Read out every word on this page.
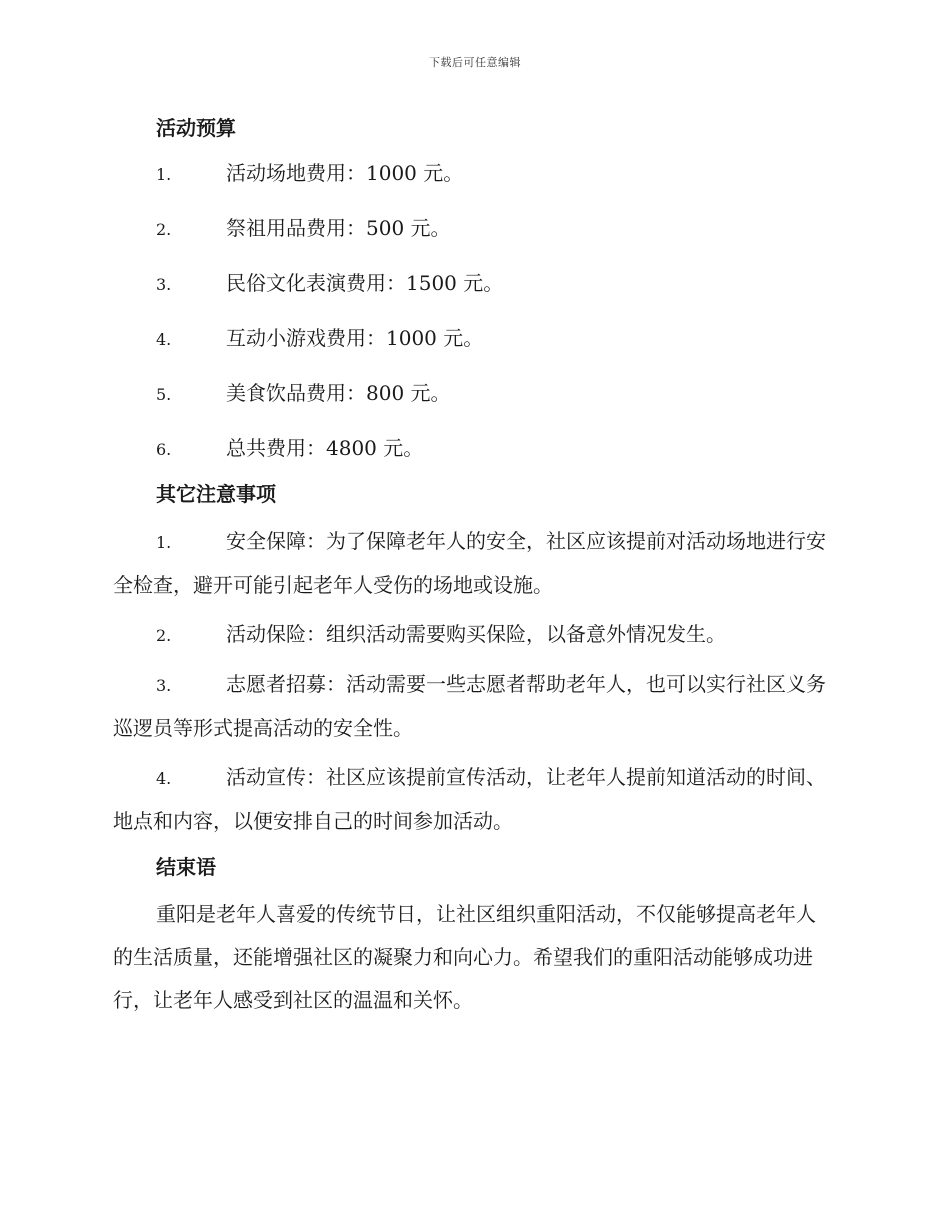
下载后可任意编辑
活动预算
1.	活动场地费用：1000 元。
2.	祭祖用品费用：500 元。
3.	民俗文化表演费用：1500 元。
4.	互动小游戏费用：1000 元。
5.	美食饮品费用：800 元。
6.	总共费用：4800 元。
其它注意事项

1.	安全保障：为了保障老年人的安全，社区应该提前对活动场地进行安全检查，避开可能引起老年人受伤的场地或设施。

2.	活动保险：组织活动需要购买保险，以备意外情况发生。

3.	志愿者招募：活动需要一些志愿者帮助老年人，也可以实行社区义务巡逻员等形式提高活动的安全性。

4.	活动宣传：社区应该提前宣传活动，让老年人提前知道活动的时间、地点和内容，以便安排自己的时间参加活动。

结束语

重阳是老年人喜爱的传统节日，让社区组织重阳活动，不仅能够提高老年人的生活质量，还能增强社区的凝聚力和向心力。希望我们的重阳活动能够成功进行，让老年人感受到社区的温温和关怀。
